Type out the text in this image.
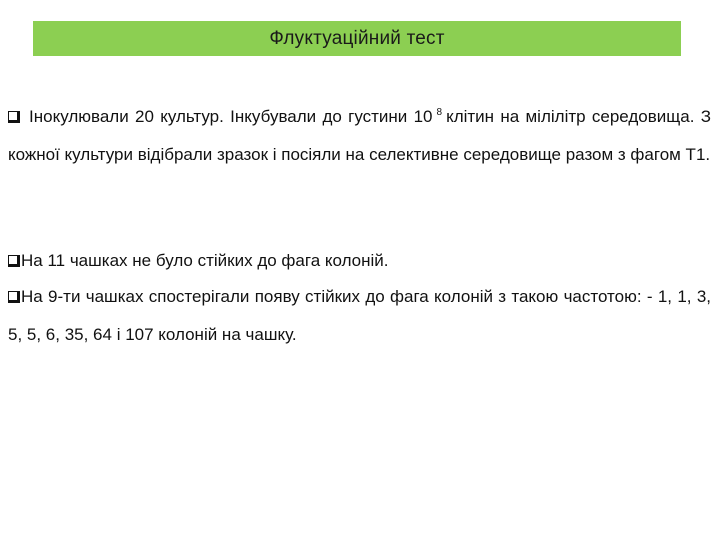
Флуктуаційний тест

Інокулювали 20 культур. Інкубували до густини 10 $^8$ клітин на мілілітр середовища. З кожної культури відібрали зразок і посіяли на селективне середовище разом з фагом Т1.

На 11 чашках не було стійких до фага колоній.

На 9-ти чашках спостерігали появу стійких до фага колоній з такою частотою: - 1, 1, 3, 5, 5, 6, 35, 64 і 107 колоній на чашку.
